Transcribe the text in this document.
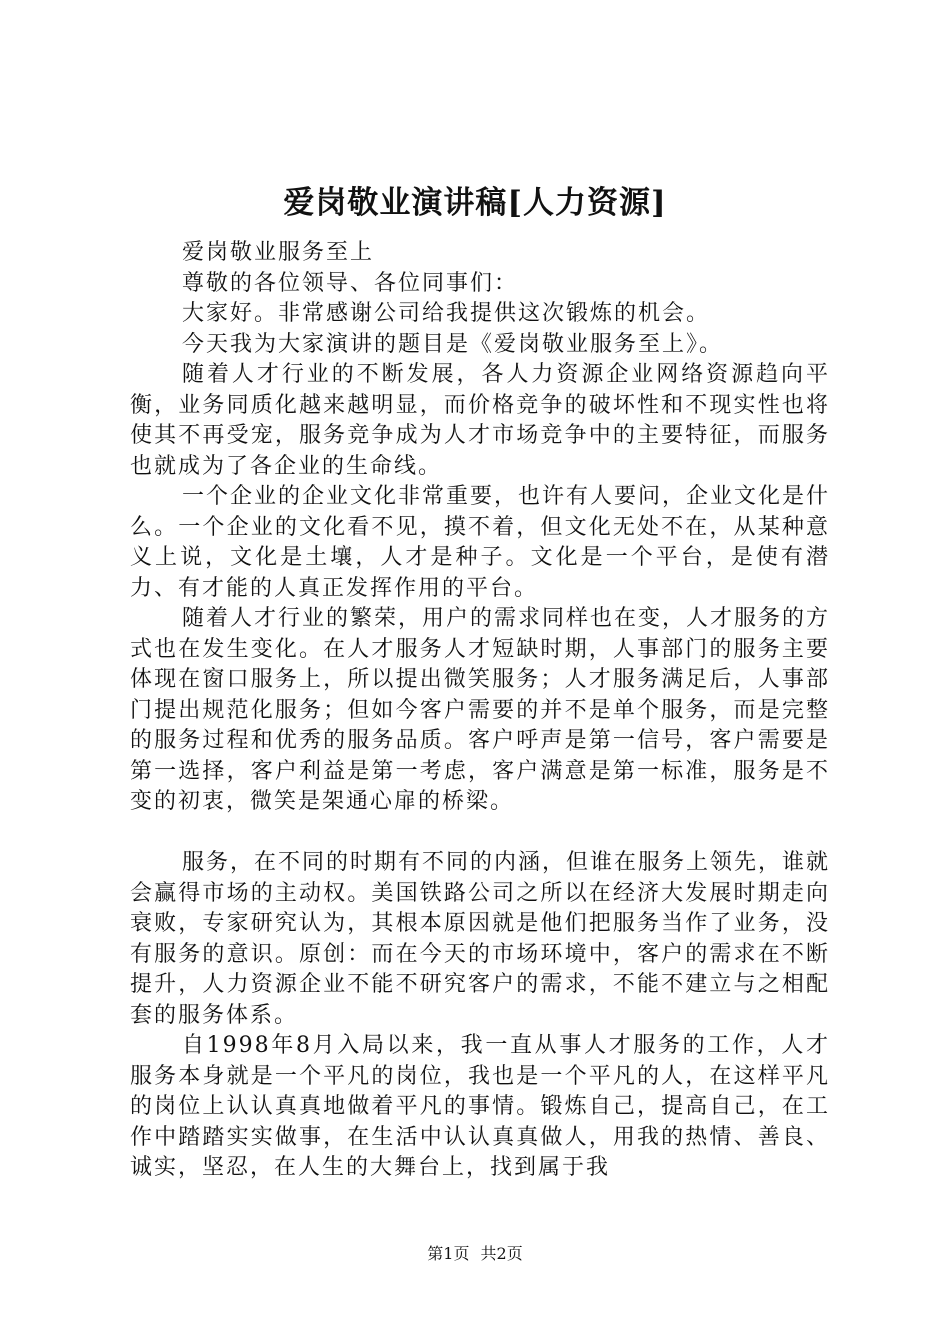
爱岗敬业演讲稿[人力资源]

爱岗敬业服务至上

尊敬的各位领导、各位同事们：

大家好。非常感谢公司给我提供这次锻炼的机会。

今天我为大家演讲的题目是《爱岗敬业服务至上》。

随着人才行业的不断发展，各人力资源企业网络资源趋向平衡，业务同质化越来越明显，而价格竞争的破坏性和不现实性也将使其不再受宠，服务竞争成为人才市场竞争中的主要特征，而服务也就成为了各企业的生命线。

一个企业的企业文化非常重要，也许有人要问，企业文化是什么。一个企业的文化看不见，摸不着，但文化无处不在，从某种意义上说，文化是土壤，人才是种子。文化是一个平台，是使有潜力、有才能的人真正发挥作用的平台。

随着人才行业的繁荣，用户的需求同样也在变，人才服务的方式也在发生变化。在人才服务人才短缺时期，人事部门的服务主要体现在窗口服务上，所以提出微笑服务；人才服务满足后，人事部门提出规范化服务；但如今客户需要的并不是单个服务，而是完整的服务过程和优秀的服务品质。客户呼声是第一信号，客户需要是第一选择，客户利益是第一考虑，客户满意是第一标准，服务是不变的初衷，微笑是架通心扉的桥梁。

服务，在不同的时期有不同的内涵，但谁在服务上领先，谁就会赢得市场的主动权。美国铁路公司之所以在经济大发展时期走向衰败，专家研究认为，其根本原因就是他们把服务当作了业务，没有服务的意识。原创：而在今天的市场环境中，客户的需求在不断提升，人力资源企业不能不研究客户的需求，不能不建立与之相配套的服务体系。

自1998年8月入局以来，我一直从事人才服务的工作，人才服务本身就是一个平凡的岗位，我也是一个平凡的人，在这样平凡的岗位上认认真真地做着平凡的事情。锻炼自己，提高自己，在工作中踏踏实实做事，在生活中认认真真做人，用我的热情、善良、诚实，坚忍，在人生的大舞台上，找到属于我

第1页 共2页
